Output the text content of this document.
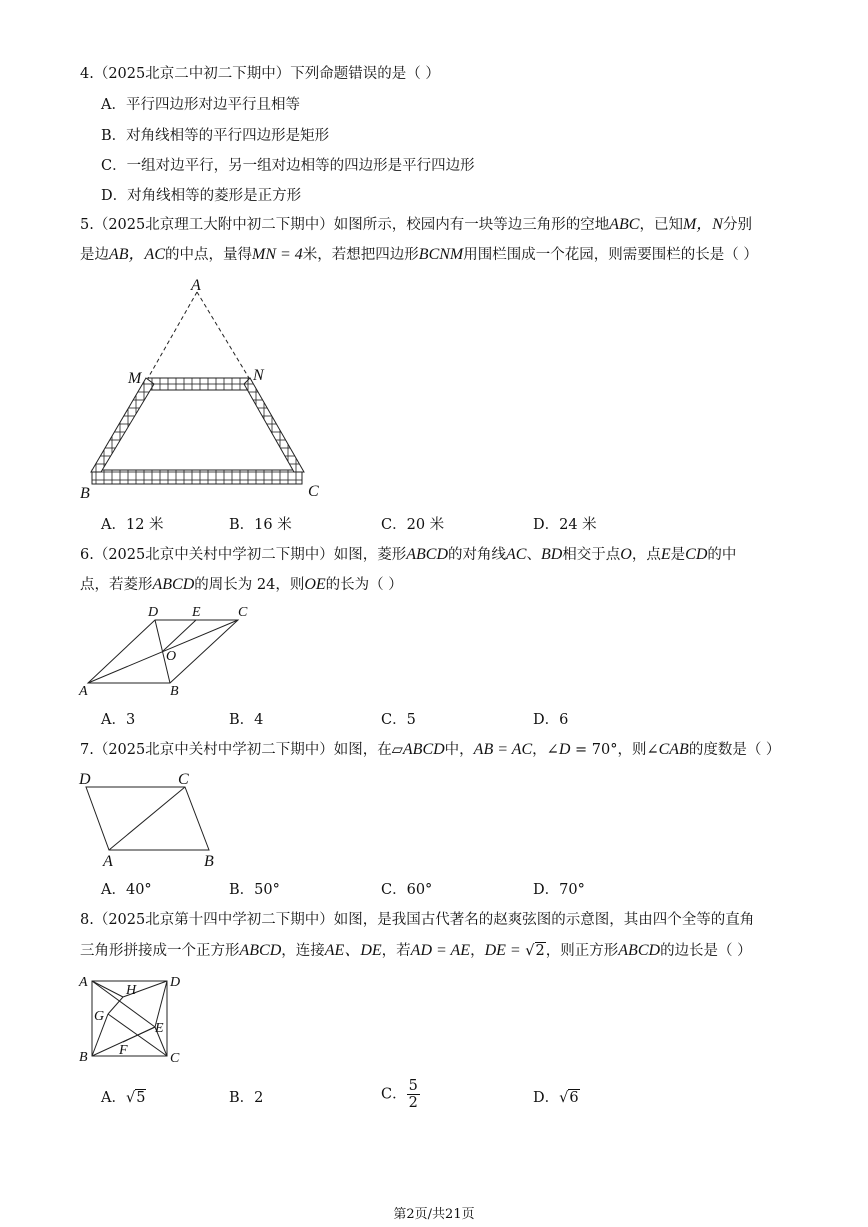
4.（2025北京二中初二下期中）下列命题错误的是（ ）
A．平行四边形对边平行且相等
B．对角线相等的平行四边形是矩形
C．一组对边平行，另一组对边相等的四边形是平行四边形
D．对角线相等的菱形是正方形
5.（2025北京理工大附中初二下期中）如图所示，校园内有一块等边三角形的空地ABC，已知M，N分别
是边AB，AC的中点，量得MN = 4米，若想把四边形BCNM用围栏围成一个花园，则需要围栏的长是（ ）
A
M	N
B	C
D E	C
O
A	B
D	C
A	B
A	D
H
G
E
F
B	C
A．12 米	B．16 米	C．20 米	D．24 米
6.（2025北京中关村中学初二下期中）如图，菱形ABCD的对角线AC、BD相交于点O，点E是CD的中
点，若菱形ABCD的周长为 24，则OE的长为（ ）
A．3	B．4	C．5	D．6
7.（2025北京中关村中学初二下期中）如图，在▱ABCD中，AB = AC，∠D = 70°，则∠CAB的度数是（ ）
A．40°	B．50°	C．60°	D．70°
8.（2025北京第十四中学初二下期中）如图，是我国古代著名的赵爽弦图的示意图，其由四个全等的直角
三角形拼接成一个正方形ABCD，连接AE、DE，若AD = AE，DE = √2，则正方形ABCD的边长是（ ）
A．√5	B．2	C． $\frac{5}{2}$	D．√6
第2页/共21页
